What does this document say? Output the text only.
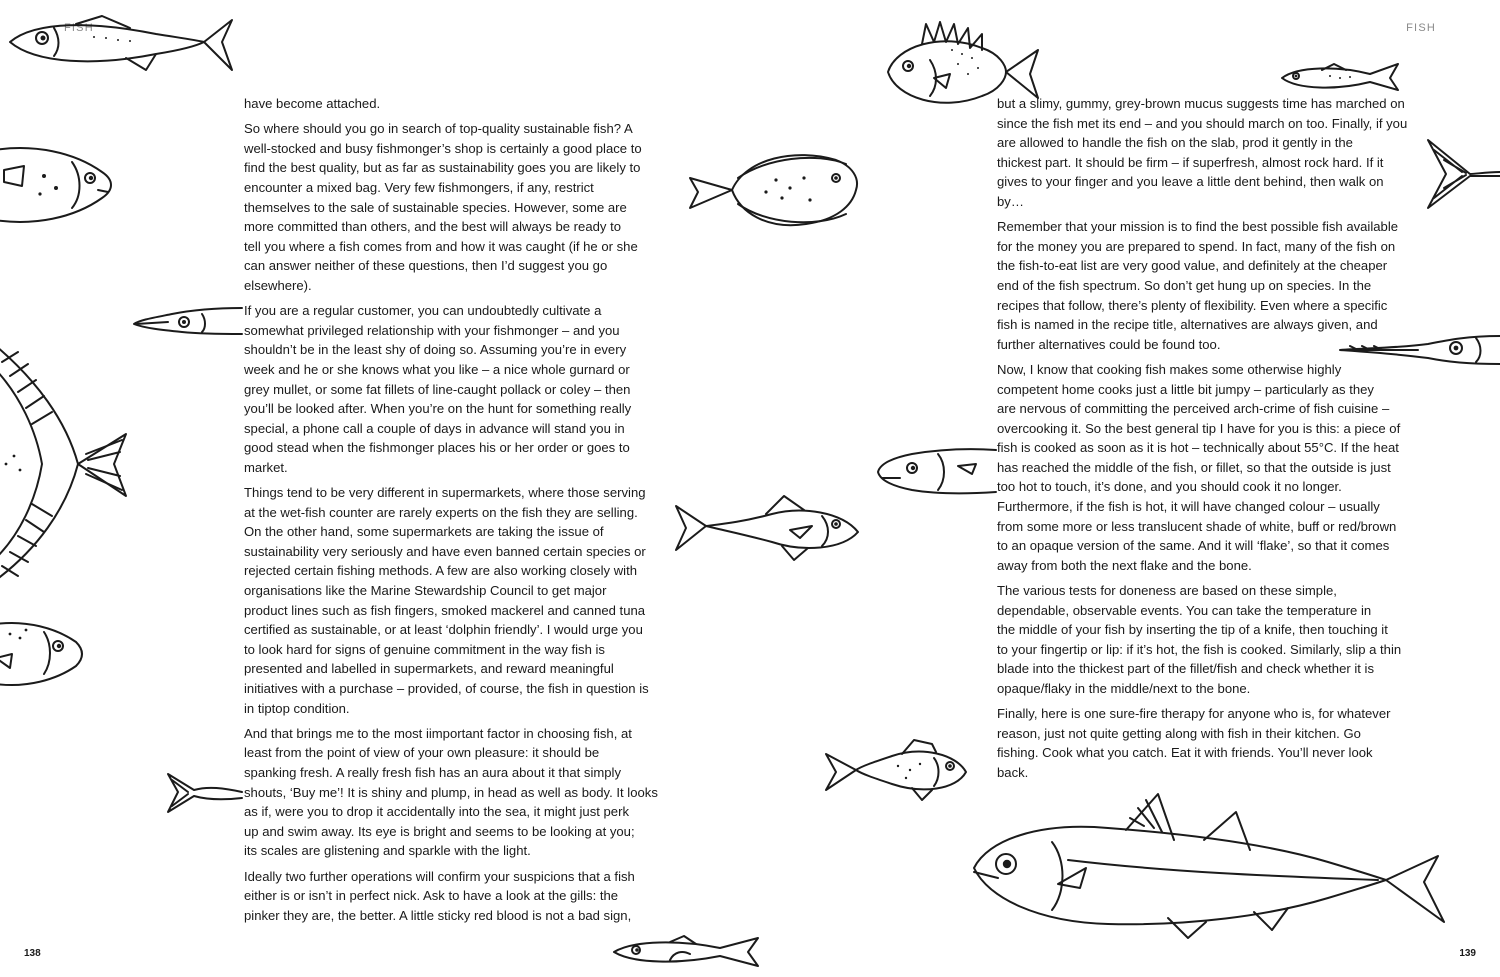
FISH	FISH
138	139

have become attached.

So where should you go in search of top-quality sustainable fish? A
well-stocked and busy fishmonger’s shop is certainly a good place to
find the best quality, but as far as sustainability goes you are likely to
encounter a mixed bag. Very few fishmongers, if any, restrict
themselves to the sale of sustainable species. However, some are
more committed than others, and the best will always be ready to
tell you where a fish comes from and how it was caught (if he or she
can answer neither of these questions, then I’d suggest you go
elsewhere).

If you are a regular customer, you can undoubtedly cultivate a
somewhat privileged relationship with your fishmonger – and you
shouldn’t be in the least shy of doing so. Assuming you’re in every
week and he or she knows what you like – a nice whole gurnard or
grey mullet, or some fat fillets of line-caught pollack or coley – then
you’ll be looked after. When you’re on the hunt for something really
special, a phone call a couple of days in advance will stand you in
good stead when the fishmonger places his or her order or goes to
market.

Things tend to be very different in supermarkets, where those serving
at the wet-fish counter are rarely experts on the fish they are selling.
On the other hand, some supermarkets are taking the issue of
sustainability very seriously and have even banned certain species or
rejected certain fishing methods. A few are also working closely with
organisations like the Marine Stewardship Council to get major
product lines such as fish fingers, smoked mackerel and canned tuna
certified as sustainable, or at least ‘dolphin friendly’. I would urge you
to look hard for signs of genuine commitment in the way fish is
presented and labelled in supermarkets, and reward meaningful
initiatives with a purchase – provided, of course, the fish in question is
in tiptop condition.

And that brings me to the most iimportant factor in choosing fish, at
least from the point of view of your own pleasure: it should be
spanking fresh. A really fresh fish has an aura about it that simply
shouts, ‘Buy me’! It is shiny and plump, in head as well as body. It looks
as if, were you to drop it accidentally into the sea, it might just perk
up and swim away. Its eye is bright and seems to be looking at you;
its scales are glistening and sparkle with the light.

Ideally two further operations will confirm your suspicions that a fish
either is or isn’t in perfect nick. Ask to have a look at the gills: the
pinker they are, the better. A little sticky red blood is not a bad sign,

but a slimy, gummy, grey-brown mucus suggests time has marched on
since the fish met its end – and you should march on too. Finally, if you
are allowed to handle the fish on the slab, prod it gently in the
thickest part. It should be firm – if superfresh, almost rock hard. If it
gives to your finger and you leave a little dent behind, then walk on
by…

Remember that your mission is to find the best possible fish available
for the money you are prepared to spend. In fact, many of the fish on
the fish-to-eat list are very good value, and definitely at the cheaper
end of the fish spectrum. So don’t get hung up on species. In the
recipes that follow, there’s plenty of flexibility. Even where a specific
fish is named in the recipe title, alternatives are always given, and
further alternatives could be found too.

Now, I know that cooking fish makes some otherwise highly
competent home cooks just a little bit jumpy – particularly as they
are nervous of committing the perceived arch-crime of fish cuisine –
overcooking it. So the best general tip I have for you is this: a piece of
fish is cooked as soon as it is hot – technically about 55°C. If the heat
has reached the middle of the fish, or fillet, so that the outside is just
too hot to touch, it’s done, and you should cook it no longer.
Furthermore, if the fish is hot, it will have changed colour – usually
from some more or less translucent shade of white, buff or red/brown
to an opaque version of the same. And it will ‘flake’, so that it comes
away from both the next flake and the bone.

The various tests for doneness are based on these simple,
dependable, observable events. You can take the temperature in
the middle of your fish by inserting the tip of a knife, then touching it
to your fingertip or lip: if it’s hot, the fish is cooked. Similarly, slip a thin
blade into the thickest part of the fillet/fish and check whether it is
opaque/flaky in the middle/next to the bone.

Finally, here is one sure-fire therapy for anyone who is, for whatever
reason, just not quite getting along with fish in their kitchen. Go
fishing. Cook what you catch. Eat it with friends. You’ll never look
back.
